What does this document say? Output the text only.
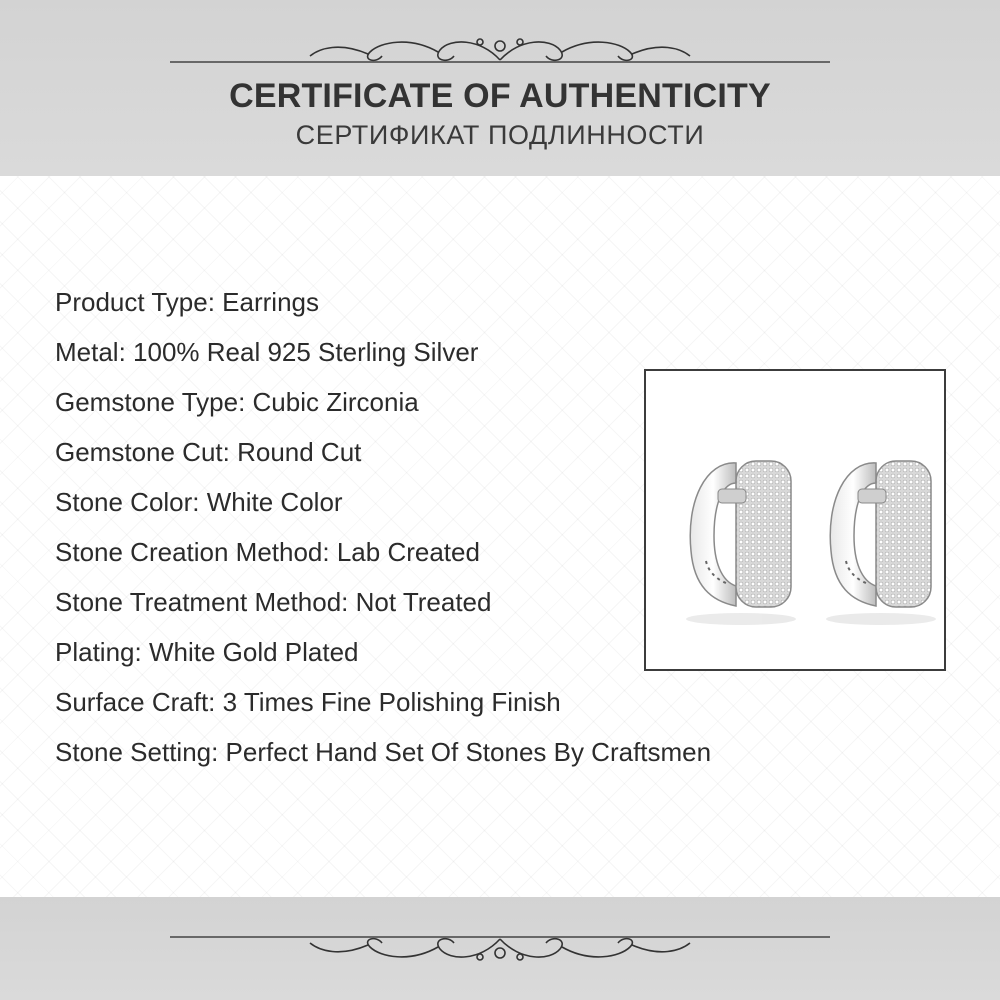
CERTIFICATE OF AUTHENTICITY
СЕРТИФИКАТ ПОДЛИННОСТИ
Product Type: Earrings
Metal: 100% Real 925 Sterling Silver
Gemstone Type: Cubic Zirconia
Gemstone Cut: Round Cut
Stone Color: White Color
Stone Creation Method: Lab Created
Stone Treatment Method: Not Treated
Plating: White Gold Plated
Surface Craft: 3 Times Fine Polishing Finish
Stone Setting: Perfect Hand Set Of Stones By Craftsmen
